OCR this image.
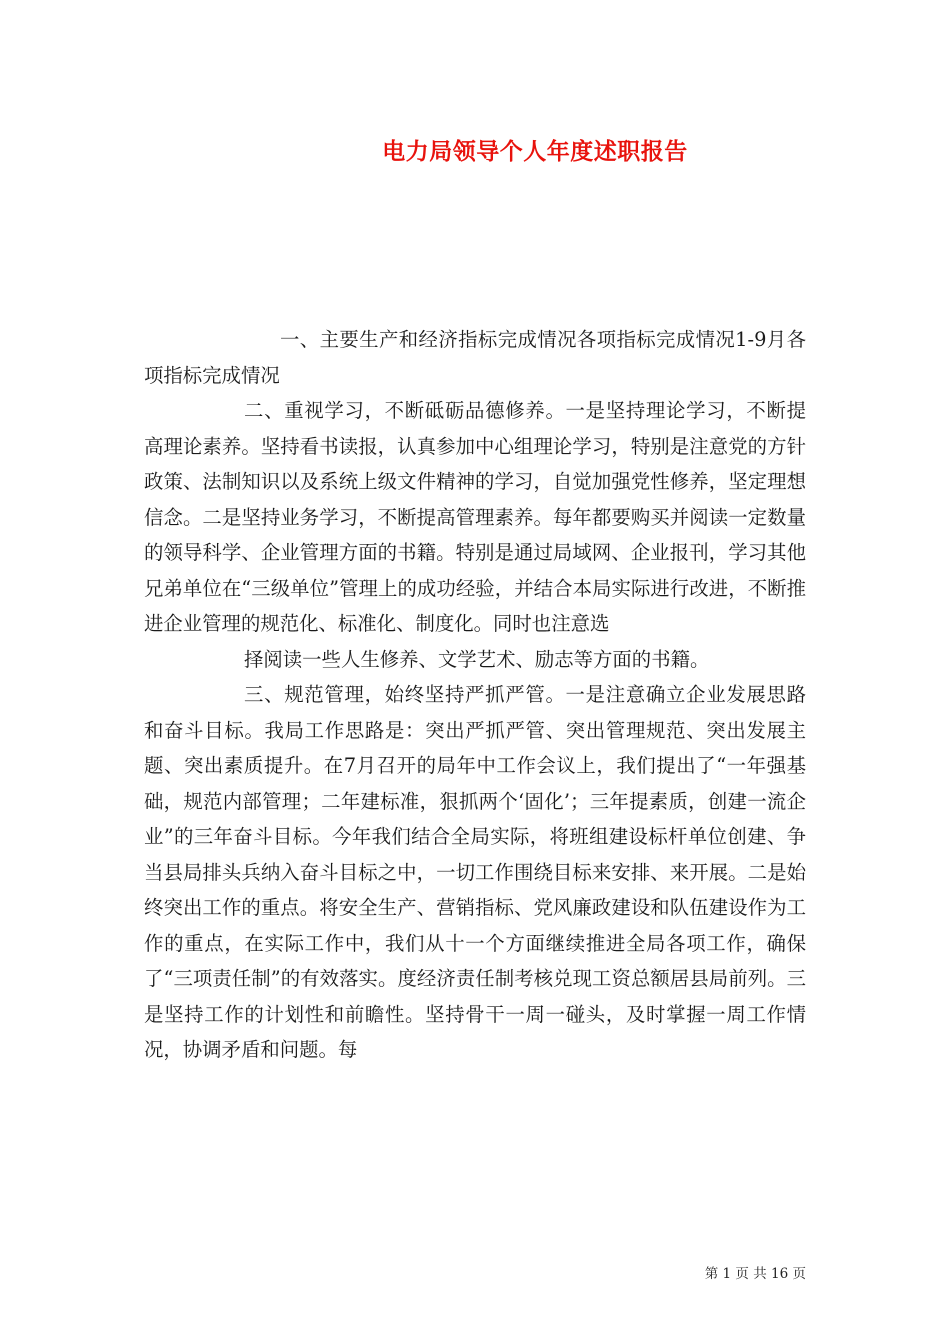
电力局领导个人年度述职报告

一、主要生产和经济指标完成情况各项指标完成情况1-9月各项指标完成情况

二、重视学习，不断砥砺品德修养。一是坚持理论学习，不断提高理论素养。坚持看书读报，认真参加中心组理论学习，特别是注意党的方针政策、法制知识以及系统上级文件精神的学习，自觉加强党性修养，坚定理想信念。二是坚持业务学习，不断提高管理素养。每年都要购买并阅读一定数量的领导科学、企业管理方面的书籍。特别是通过局域网、企业报刊，学习其他兄弟单位在“三级单位”管理上的成功经验，并结合本局实际进行改进，不断推进企业管理的规范化、标准化、制度化。同时也注意选

择阅读一些人生修养、文学艺术、励志等方面的书籍。

三、规范管理，始终坚持严抓严管。一是注意确立企业发展思路和奋斗目标。我局工作思路是：突出严抓严管、突出管理规范、突出发展主题、突出素质提升。在7月召开的局年中工作会议上，我们提出了“一年强基础，规范内部管理；二年建标准，狠抓两个‘固化’；三年提素质，创建一流企业”的三年奋斗目标。今年我们结合全局实际，将班组建设标杆单位创建、争当县局排头兵纳入奋斗目标之中，一切工作围绕目标来安排、来开展。二是始终突出工作的重点。将安全生产、营销指标、党风廉政建设和队伍建设作为工作的重点，在实际工作中，我们从十一个方面继续推进全局各项工作，确保了“三项责任制”的有效落实。度经济责任制考核兑现工资总额居县局前列。三是坚持工作的计划性和前瞻性。坚持骨干一周一碰头，及时掌握一周工作情况，协调矛盾和问题。每

第 1 页 共 16 页
